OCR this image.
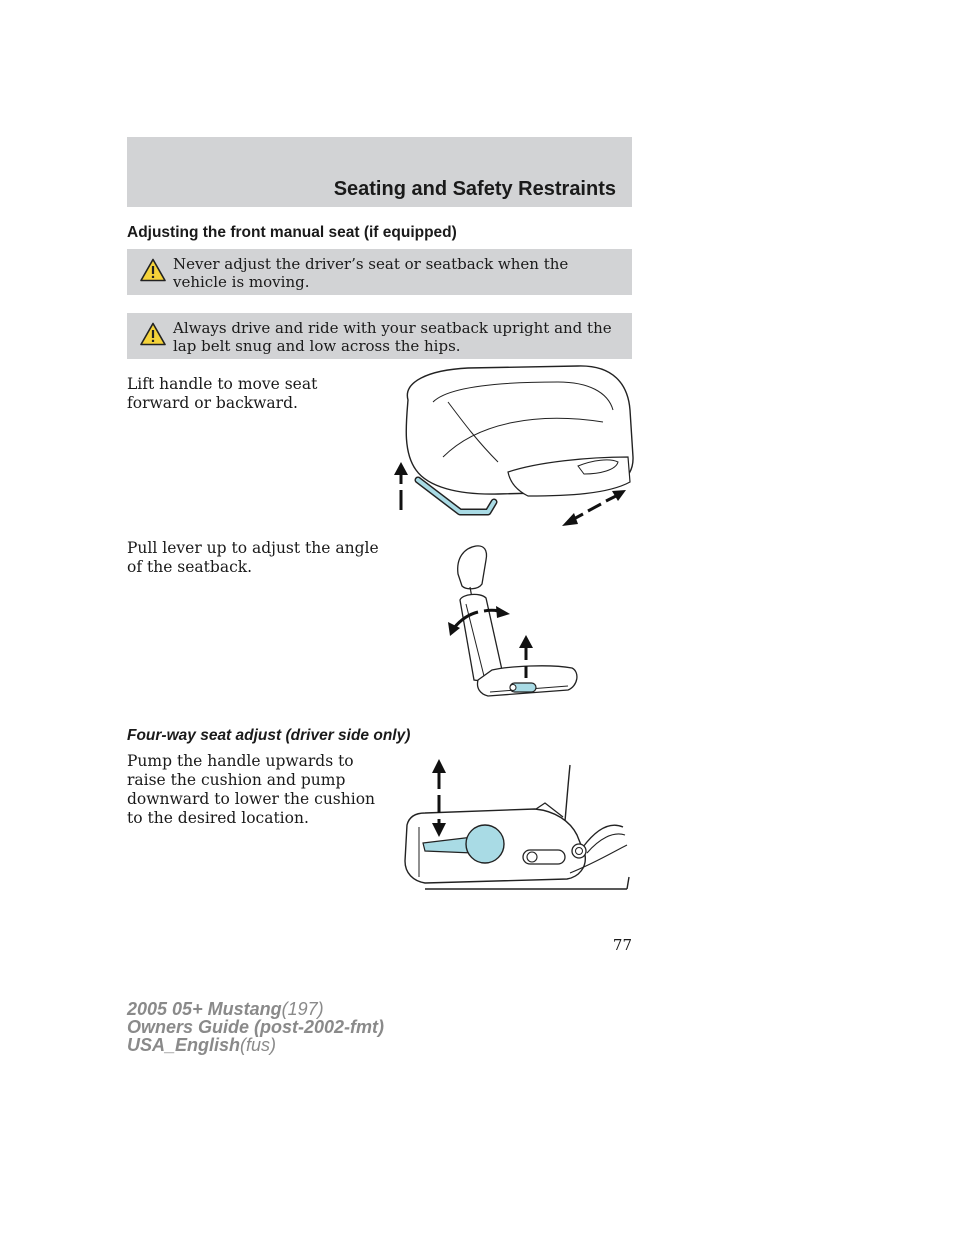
Seating and Safety Restraints
Adjusting the front manual seat (if equipped)
Never adjust the driver’s seat or seatback when the vehicle is moving.
Always drive and ride with your seatback upright and the lap belt snug and low across the hips.
Lift handle to move seat forward or backward.
Pull lever up to adjust the angle of the seatback.
Four-way seat adjust (driver side only)
Pump the handle upwards to raise the cushion and pump downward to lower the cushion to the desired location.
77
2005 05+ Mustang(197)
Owners Guide (post-2002-fmt)
USA_English(fus)
